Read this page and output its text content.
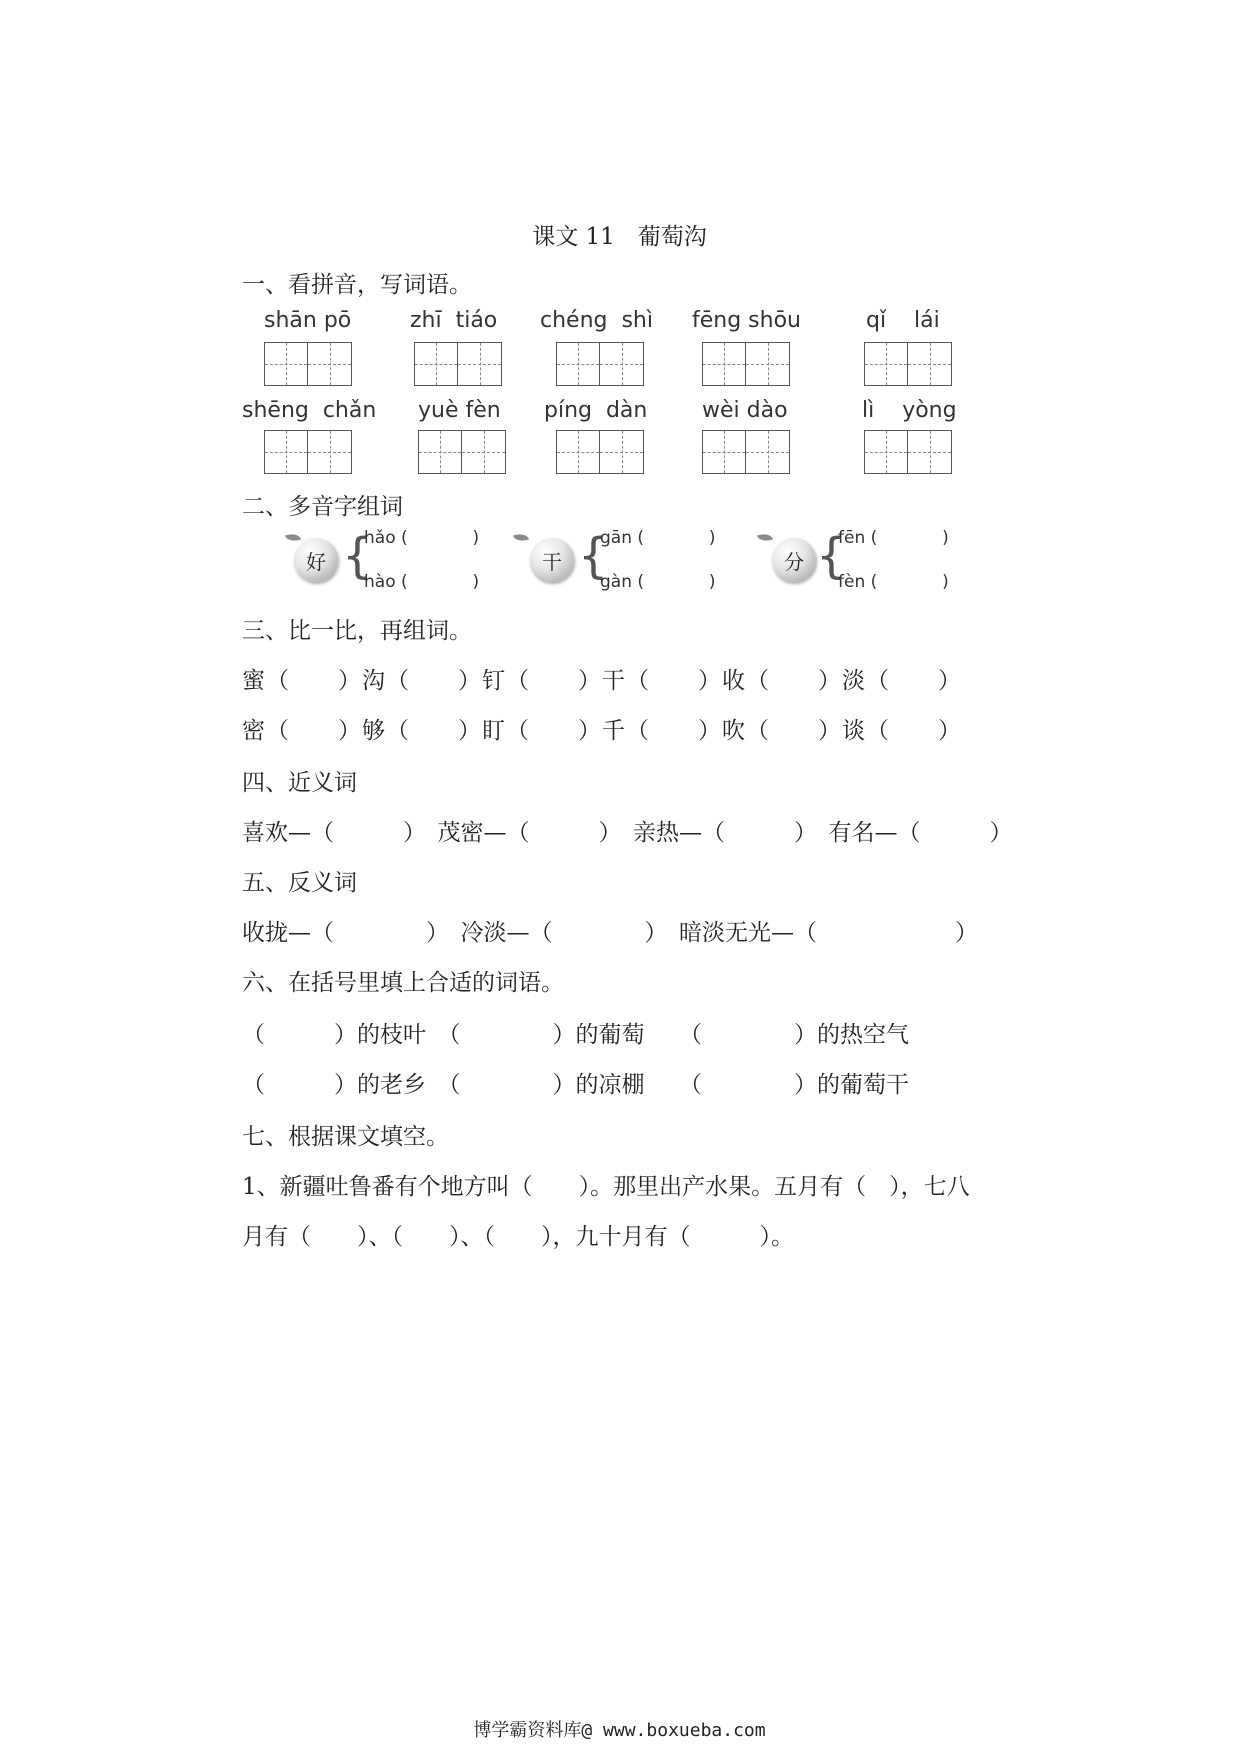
课文 11　葡萄沟
一、看拼音，写词语。
shān pō	zhī  tiáo chéng  shì fēng shōu	qǐ    lái
shēng  chǎn yuè fèn píng  dàn wèi dào	lì    yòng
二、多音字组词
好 {
hǎo (            )
hào (            )
干 {
gān (            )
gàn (            )
分 {
fēn (            )
fèn (            )
三、比一比，再组词。
蜜（　　）沟（　　）钉（　　）干（　　）收（　　）淡（　　）
密（　　）够（　　）盯（　　）千（　　）吹（　　）谈（　　）
四、近义词
喜欢—（　　　）　茂密—（　　　）　亲热—（　　　）　有名—（　　　）
五、反义词
收拢—（　　　　）　冷淡—（　　　　）　暗淡无光—（　　　　　　）
六、在括号里填上合适的词语。
（　　　）的枝叶　（　　　　）的葡萄　　（　　　　）的热空气
（　　　）的老乡　（　　　　）的凉棚　　（　　　　）的葡萄干
七、根据课文填空。
1、新疆吐鲁番有个地方叫（　　）。那里出产水果。五月有（　），七八
月有（　　）、（　　）、（　　），九十月有（　　　）。
博学霸资料库@ www.boxueba.com
